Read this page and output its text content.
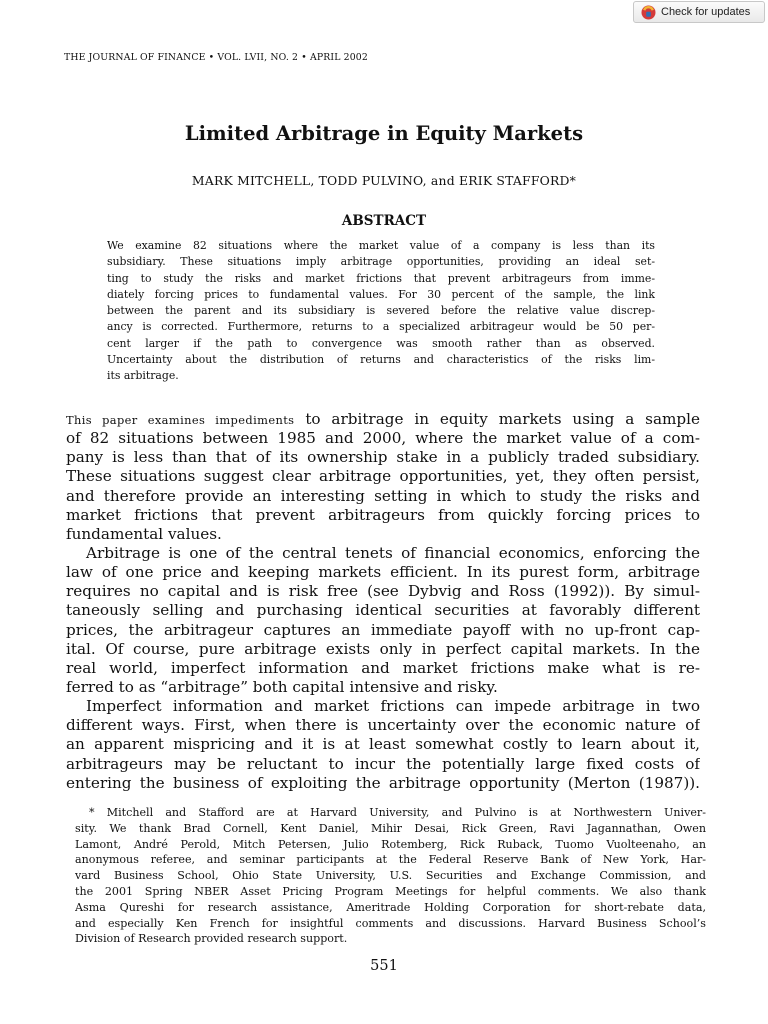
Check for updates
THE JOURNAL OF FINANCE • VOL. LVII, NO. 2 • APRIL 2002
Limited Arbitrage in Equity Markets
MARK MITCHELL, TODD PULVINO, and ERIK STAFFORD*
ABSTRACT
We examine 82 situations where the market value of a company is less than its
subsidiary. These situations imply arbitrage opportunities, providing an ideal set-
ting to study the risks and market frictions that prevent arbitrageurs from imme-
diately forcing prices to fundamental values. For 30 percent of the sample, the link
between the parent and its subsidiary is severed before the relative value discrep-
ancy is corrected. Furthermore, returns to a specialized arbitrageur would be 50 per-
cent larger if the path to convergence was smooth rather than as observed.
Uncertainty about the distribution of returns and characteristics of the risks lim-
its arbitrage.
This paper examines impediments to arbitrage in equity markets using a sample
of 82 situations between 1985 and 2000, where the market value of a com-
pany is less than that of its ownership stake in a publicly traded subsidiary.
These situations suggest clear arbitrage opportunities, yet, they often persist,
and therefore provide an interesting setting in which to study the risks and
market frictions that prevent arbitrageurs from quickly forcing prices to
fundamental values.
Arbitrage is one of the central tenets of financial economics, enforcing the
law of one price and keeping markets efficient. In its purest form, arbitrage
requires no capital and is risk free (see Dybvig and Ross (1992)). By simul-
taneously selling and purchasing identical securities at favorably different
prices, the arbitrageur captures an immediate payoff with no up-front cap-
ital. Of course, pure arbitrage exists only in perfect capital markets. In the
real world, imperfect information and market frictions make what is re-
ferred to as “arbitrage” both capital intensive and risky.
Imperfect information and market frictions can impede arbitrage in two
different ways. First, when there is uncertainty over the economic nature of
an apparent mispricing and it is at least somewhat costly to learn about it,
arbitrageurs may be reluctant to incur the potentially large fixed costs of
entering the business of exploiting the arbitrage opportunity (Merton (1987)).
* Mitchell and Stafford are at Harvard University, and Pulvino is at Northwestern Univer-
sity. We thank Brad Cornell, Kent Daniel, Mihir Desai, Rick Green, Ravi Jagannathan, Owen
Lamont, André Perold, Mitch Petersen, Julio Rotemberg, Rick Ruback, Tuomo Vuolteenaho, an
anonymous referee, and seminar participants at the Federal Reserve Bank of New York, Har-
vard Business School, Ohio State University, U.S. Securities and Exchange Commission, and
the 2001 Spring NBER Asset Pricing Program Meetings for helpful comments. We also thank
Asma Qureshi for research assistance, Ameritrade Holding Corporation for short-rebate data,
and especially Ken French for insightful comments and discussions. Harvard Business School’s
Division of Research provided research support.
551
